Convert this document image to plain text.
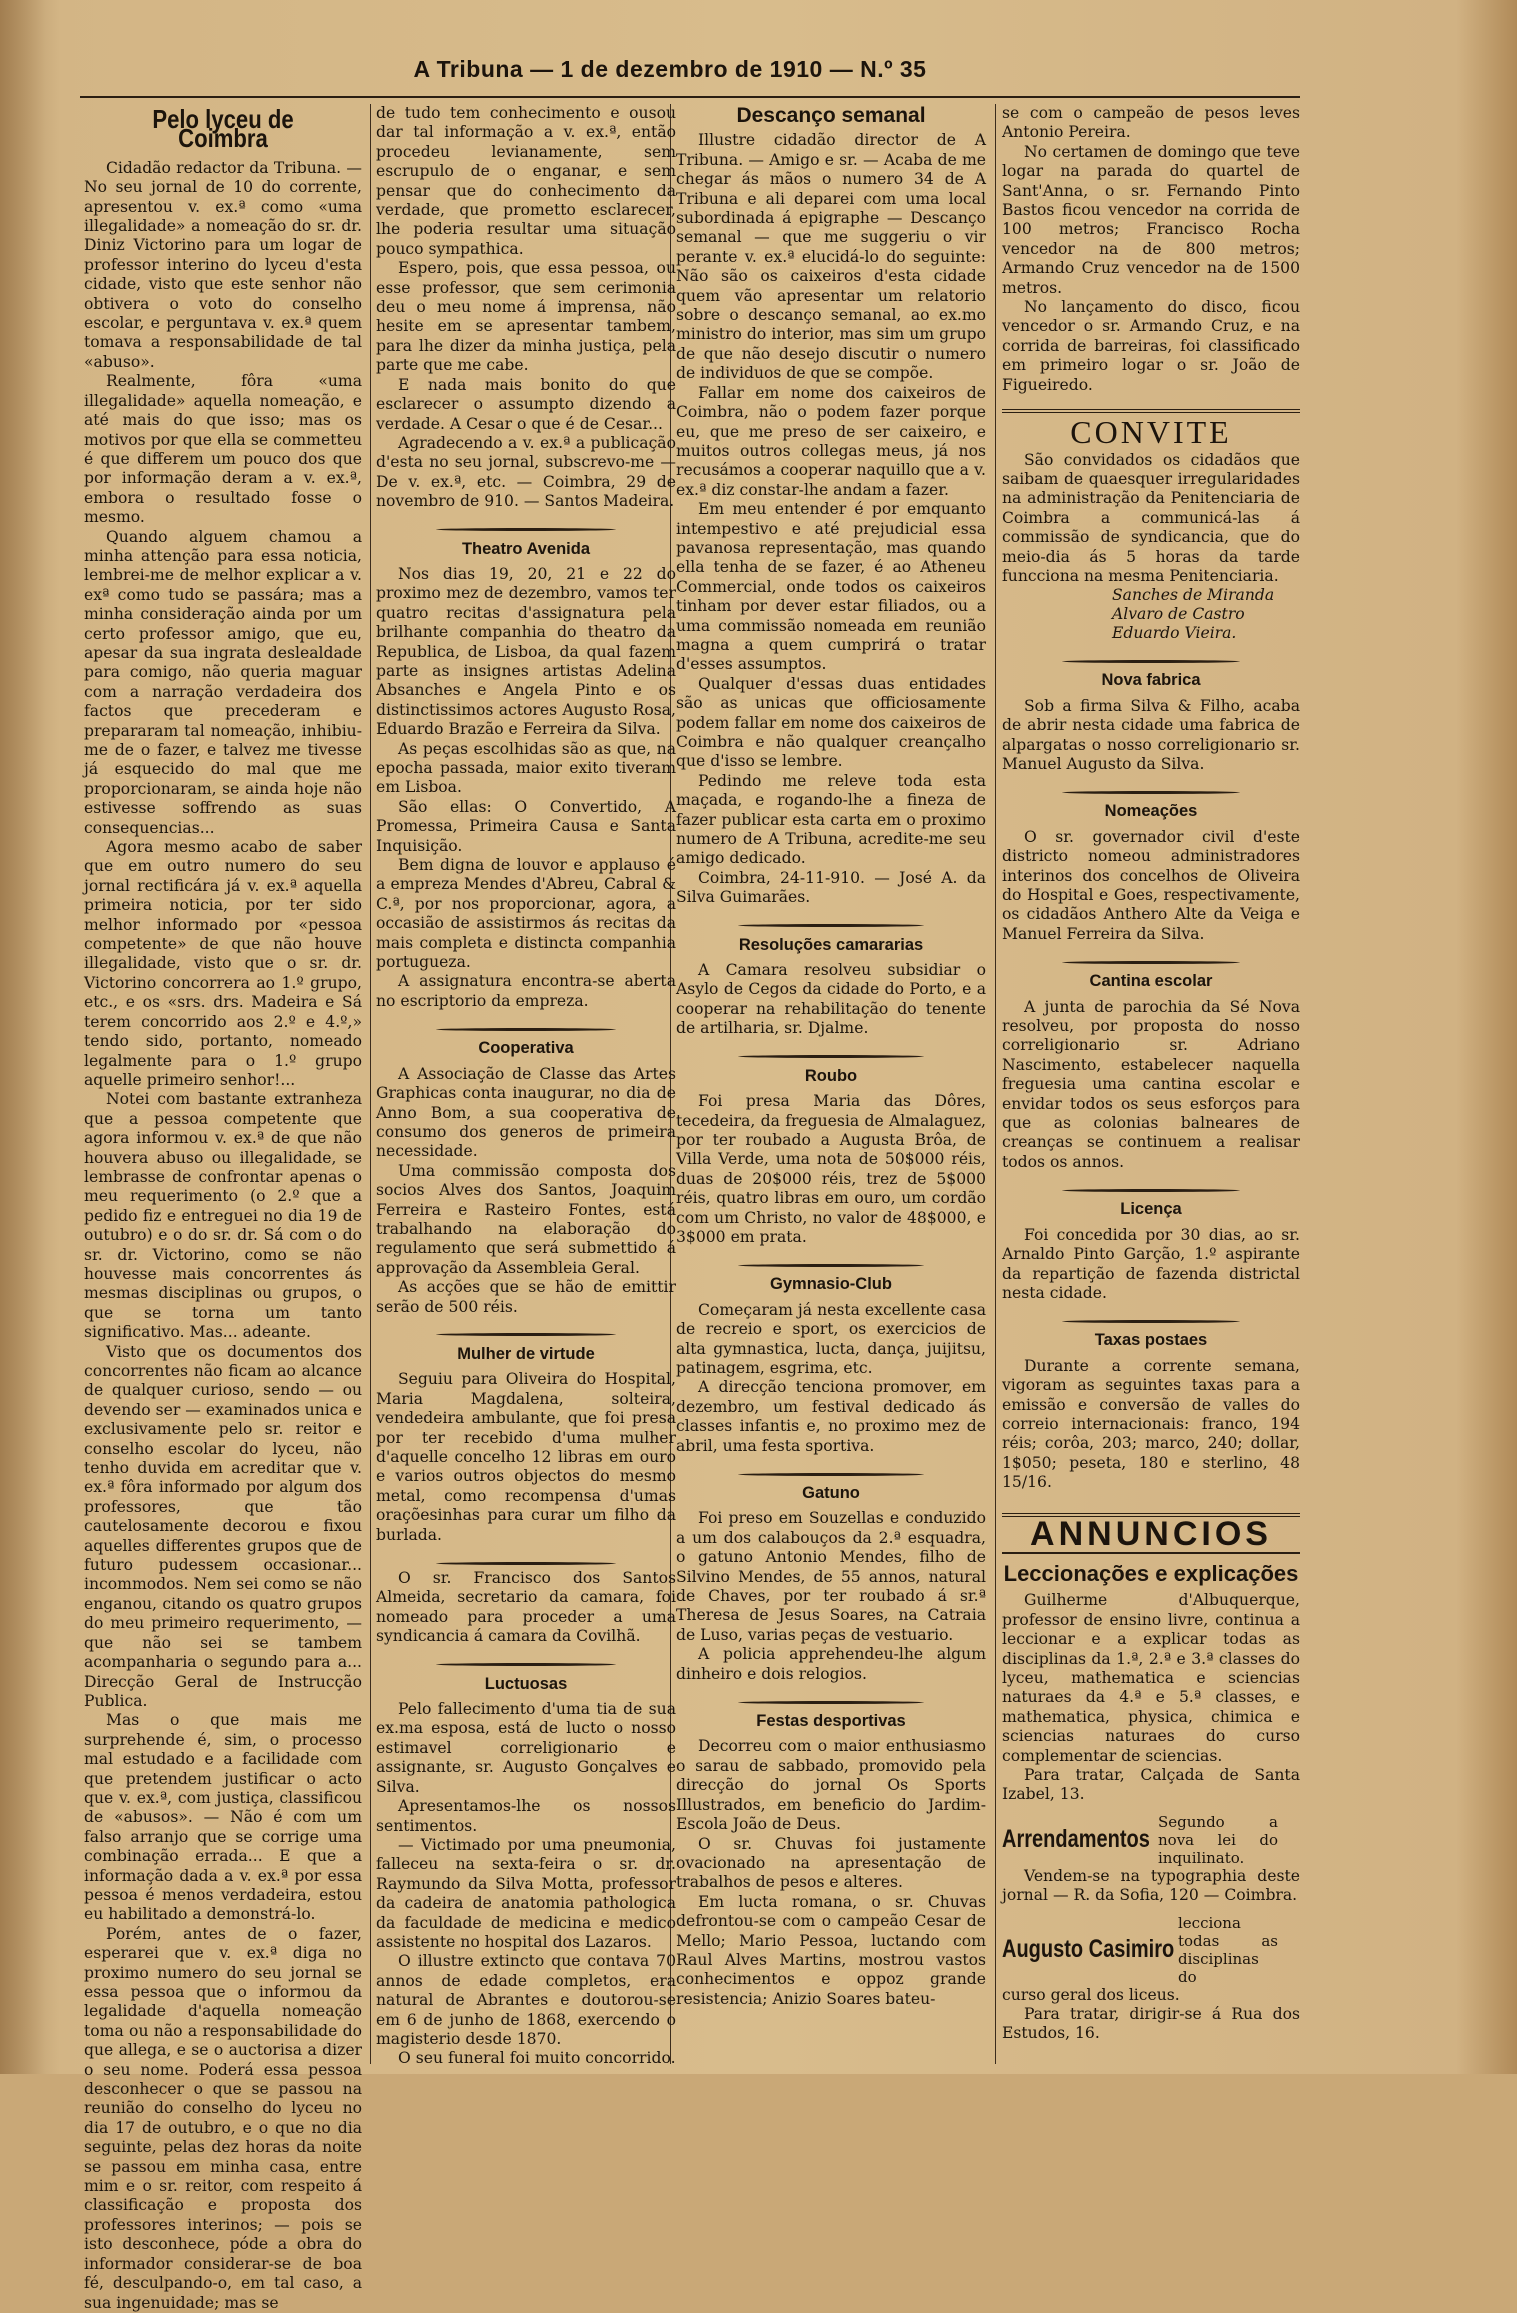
A Tribuna — 1 de dezembro de 1910 — N.º 35
Pelo lyceu de Coimbra

Cidadão redactor da Tribuna. — No seu jornal de 10 do corrente, apresentou v. ex.ª como «uma illegalidade» a nomeação do sr. dr. Diniz Victorino para um logar de professor interino do lyceu d'esta cidade, visto que este senhor não obtivera o voto do conselho escolar, e perguntava v. ex.ª quem tomava a responsabilidade de tal «abuso».

Realmente, fôra «uma illegalidade» aquella nomeação, e até mais do que isso; mas os motivos por que ella se commetteu é que differem um pouco dos que por informação deram a v. ex.ª, embora o resultado fosse o mesmo.

Quando alguem chamou a minha attenção para essa noticia, lembrei-me de melhor explicar a v. exª como tudo se passára; mas a minha consideração ainda por um certo professor amigo, que eu, apesar da sua ingrata deslealdade para comigo, não queria maguar com a narração verdadeira dos factos que precederam e prepararam tal nomeação, inhibiu-me de o fazer, e talvez me tivesse já esquecido do mal que me proporcionaram, se ainda hoje não estivesse soffrendo as suas consequencias...

Agora mesmo acabo de saber que em outro numero do seu jornal rectificára já v. ex.ª aquella primeira noticia, por ter sido melhor informado por «pessoa competente» de que não houve illegalidade, visto que o sr. dr. Victorino concorrera ao 1.º grupo, etc., e os «srs. drs. Madeira e Sá terem concorrido aos 2.º e 4.º,» tendo sido, portanto, nomeado legalmente para o 1.º grupo aquelle primeiro senhor!...

Notei com bastante extranheza que a pessoa competente que agora informou v. ex.ª de que não houvera abuso ou illegalidade, se lembrasse de confrontar apenas o meu requerimento (o 2.º que a pedido fiz e entreguei no dia 19 de outubro) e o do sr. dr. Sá com o do sr. dr. Victorino, como se não houvesse mais concorrentes ás mesmas disciplinas ou grupos, o que se torna um tanto significativo. Mas... adeante.

Visto que os documentos dos concorrentes não ficam ao alcance de qualquer curioso, sendo — ou devendo ser — examinados unica e exclusivamente pelo sr. reitor e conselho escolar do lyceu, não tenho duvida em acreditar que v. ex.ª fôra informado por algum dos professores, que tão cautelosamente decorou e fixou aquelles differentes grupos que de futuro pudessem occasionar... incommodos. Nem sei como se não enganou, citando os quatro grupos do meu primeiro requerimento, — que não sei se tambem acompanharia o segundo para a... Direcção Geral de Instrucção Publica.

Mas o que mais me surprehende é, sim, o processo mal estudado e a facilidade com que pretendem justificar o acto que v. ex.ª, com justiça, classificou de «abusos». — Não é com um falso arranjo que se corrige uma combinação errada... E que a informação dada a v. ex.ª por essa pessoa é menos verdadeira, estou eu habilitado a demonstrá-lo.

Porém, antes de o fazer, esperarei que v. ex.ª diga no proximo numero do seu jornal se essa pessoa que o informou da legalidade d'aquella nomeação toma ou não a responsabilidade do que allega, e se o auctorisa a dizer o seu nome. Poderá essa pessoa desconhecer o que se passou na reunião do conselho do lyceu no dia 17 de outubro, e o que no dia seguinte, pelas dez horas da noite se passou em minha casa, entre mim e o sr. reitor, com respeito á classificação e proposta dos professores interinos; — pois se isto desconhece, póde a obra do informador considerar-se de boa fé, desculpando-o, em tal caso, a sua ingenuidade; mas se

de tudo tem conhecimento e ousou dar tal informação a v. ex.ª, então procedeu levianamente, sem escrupulo de o enganar, e sem pensar que do conhecimento da verdade, que prometto esclarecer, lhe poderia resultar uma situação pouco sympathica.

Espero, pois, que essa pessoa, ou esse professor, que sem cerimonia deu o meu nome á imprensa, não hesite em se apresentar tambem, para lhe dizer da minha justiça, pela parte que me cabe.

E nada mais bonito do que esclarecer o assumpto dizendo a verdade. A Cesar o que é de Cesar...

Agradecendo a v. ex.ª a publicação d'esta no seu jornal, subscrevo-me — De v. ex.ª, etc. — Coimbra, 29 de novembro de 910. — Santos Madeira.

Theatro Avenida

Nos dias 19, 20, 21 e 22 do proximo mez de dezembro, vamos ter quatro recitas d'assignatura pela brilhante companhia do theatro da Republica, de Lisboa, da qual fazem parte as insignes artistas Adelina Absanches e Angela Pinto e os distinctissimos actores Augusto Rosa, Eduardo Brazão e Ferreira da Silva.

As peças escolhidas são as que, na epocha passada, maior exito tiveram em Lisboa.

São ellas: O Convertido, A Promessa, Primeira Causa e Santa Inquisição.

Bem digna de louvor e applauso é a empreza Mendes d'Abreu, Cabral & C.ª, por nos proporcionar, agora, a occasião de assistirmos ás recitas da mais completa e distincta companhia portugueza.

A assignatura encontra-se aberta no escriptorio da empreza.

Cooperativa

A Associação de Classe das Artes Graphicas conta inaugurar, no dia de Anno Bom, a sua cooperativa de consumo dos generos de primeira necessidade.

Uma commissão composta dos socios Alves dos Santos, Joaquim Ferreira e Rasteiro Fontes, está trabalhando na elaboração do regulamento que será submettido á approvação da Assembleia Geral.

As acções que se hão de emittir serão de 500 réis.

Mulher de virtude

Seguiu para Oliveira do Hospital, Maria Magdalena, solteira, vendedeira ambulante, que foi presa por ter recebido d'uma mulher d'aquelle concelho 12 libras em ouro e varios outros objectos do mesmo metal, como recompensa d'umas oraçõesinhas para curar um filho da burlada.

O sr. Francisco dos Santos Almeida, secretario da camara, foi nomeado para proceder a uma syndicancia á camara da Covilhã.

Luctuosas

Pelo fallecimento d'uma tia de sua ex.ma esposa, está de lucto o nosso estimavel correligionario e assignante, sr. Augusto Gonçalves e Silva.

Apresentamos-lhe os nossos sentimentos.

— Victimado por uma pneumonia, falleceu na sexta-feira o sr. dr. Raymundo da Silva Motta, professor da cadeira de anatomia pathologica da faculdade de medicina e medico assistente no hospital dos Lazaros.

O illustre extincto que contava 70 annos de edade completos, era natural de Abrantes e doutorou-se em 6 de junho de 1868, exercendo o magisterio desde 1870.

O seu funeral foi muito concorrido.

Descanço semanal

Illustre cidadão director de A Tribuna. — Amigo e sr. — Acaba de me chegar ás mãos o numero 34 de A Tribuna e ali deparei com uma local subordinada á epigraphe — Descanço semanal — que me suggeriu o vir perante v. ex.ª elucidá-lo do seguinte: Não são os caixeiros d'esta cidade quem vão apresentar um relatorio sobre o descanço semanal, ao ex.mo ministro do interior, mas sim um grupo de que não desejo discutir o numero de individuos de que se compõe.

Fallar em nome dos caixeiros de Coimbra, não o podem fazer porque eu, que me preso de ser caixeiro, e muitos outros collegas meus, já nos recusámos a cooperar naquillo que a v. ex.ª diz constar-lhe andam a fazer.

Em meu entender é por emquanto intempestivo e até prejudicial essa pavanosa representação, mas quando ella tenha de se fazer, é ao Atheneu Commercial, onde todos os caixeiros tinham por dever estar filiados, ou a uma commissão nomeada em reunião magna a quem cumprirá o tratar d'esses assumptos.

Qualquer d'essas duas entidades são as unicas que officiosamente podem fallar em nome dos caixeiros de Coimbra e não qualquer creançalho que d'isso se lembre.

Pedindo me releve toda esta maçada, e rogando-lhe a fineza de fazer publicar esta carta em o proximo numero de A Tribuna, acredite-me seu amigo dedicado.

Coimbra, 24-11-910. — José A. da Silva Guimarães.

Resoluções camararias

A Camara resolveu subsidiar o Asylo de Cegos da cidade do Porto, e a cooperar na rehabilitação do tenente de artilharia, sr. Djalme.

Roubo

Foi presa Maria das Dôres, tecedeira, da freguesia de Almalaguez, por ter roubado a Augusta Brôa, de Villa Verde, uma nota de 50$000 réis, duas de 20$000 réis, trez de 5$000 réis, quatro libras em ouro, um cordão com um Christo, no valor de 48$000, e 3$000 em prata.

Gymnasio-Club

Começaram já nesta excellente casa de recreio e sport, os exercicios de alta gymnastica, lucta, dança, juijitsu, patinagem, esgrima, etc.

A direcção tenciona promover, em dezembro, um festival dedicado ás classes infantis e, no proximo mez de abril, uma festa sportiva.

Gatuno

Foi preso em Souzellas e conduzido a um dos calabouços da 2.ª esquadra, o gatuno Antonio Mendes, filho de Silvino Mendes, de 55 annos, natural de Chaves, por ter roubado á sr.ª Theresa de Jesus Soares, na Catraia de Luso, varias peças de vestuario.

A policia apprehendeu-lhe algum dinheiro e dois relogios.

Festas desportivas

Decorreu com o maior enthusiasmo o sarau de sabbado, promovido pela direcção do jornal Os Sports Illustrados, em beneficio do Jardim-Escola João de Deus.

O sr. Chuvas foi justamente ovacionado na apresentação de trabalhos de pesos e alteres.

Em lucta romana, o sr. Chuvas defrontou-se com o campeão Cesar de Mello; Mario Pessoa, luctando com Raul Alves Martins, mostrou vastos conhecimentos e oppoz grande resistencia; Anizio Soares bateu-

se com o campeão de pesos leves Antonio Pereira.

No certamen de domingo que teve logar na parada do quartel de Sant'Anna, o sr. Fernando Pinto Bastos ficou vencedor na corrida de 100 metros; Francisco Rocha vencedor na de 800 metros; Armando Cruz vencedor na de 1500 metros.

No lançamento do disco, ficou vencedor o sr. Armando Cruz, e na corrida de barreiras, foi classificado em primeiro logar o sr. João de Figueiredo.

CONVITE

São convidados os cidadãos que saibam de quaesquer irregularidades na administração da Penitenciaria de Coimbra a communicá-las á commissão de syndicancia, que do meio-dia ás 5 horas da tarde funcciona na mesma Penitenciaria.

Sanches de Miranda
Alvaro de Castro
Eduardo Vieira.
Nova fabrica

Sob a firma Silva & Filho, acaba de abrir nesta cidade uma fabrica de alpargatas o nosso correligionario sr. Manuel Augusto da Silva.

Nomeações

O sr. governador civil d'este districto nomeou administradores interinos dos concelhos de Oliveira do Hospital e Goes, respectivamente, os cidadãos Anthero Alte da Veiga e Manuel Ferreira da Silva.

Cantina escolar

A junta de parochia da Sé Nova resolveu, por proposta do nosso correligionario sr. Adriano Nascimento, estabelecer naquella freguesia uma cantina escolar e envidar todos os seus esforços para que as colonias balneares de creanças se continuem a realisar todos os annos.

Licença

Foi concedida por 30 dias, ao sr. Arnaldo Pinto Garção, 1.º aspirante da repartição de fazenda districtal nesta cidade.

Taxas postaes

Durante a corrente semana, vigoram as seguintes taxas para a emissão e conversão de valles do correio internacionais: franco, 194 réis; corôa, 203; marco, 240; dollar, 1$050; peseta, 180 e sterlino, 48 15/16.

ANNUNCIOS
Leccionações e explicações

Guilherme d'Albuquerque, professor de ensino livre, continua a leccionar e a explicar todas as disciplinas da 1.ª, 2.ª e 3.ª classes do lyceu, mathematica e sciencias naturaes da 4.ª e 5.ª classes, e mathematica, physica, chimica e sciencias naturaes do curso complementar de sciencias.

Para tratar, Calçada de Santa Izabel, 13.

Arrendamentos
Segundo a nova lei do inquilinato.

Vendem-se na typographia deste jornal — R. da Sofia, 120 — Coimbra.

Augusto Casimiro
lecciona todas as disciplinas do

curso geral dos liceus.

Para tratar, dirigir-se á Rua dos Estudos, 16.
